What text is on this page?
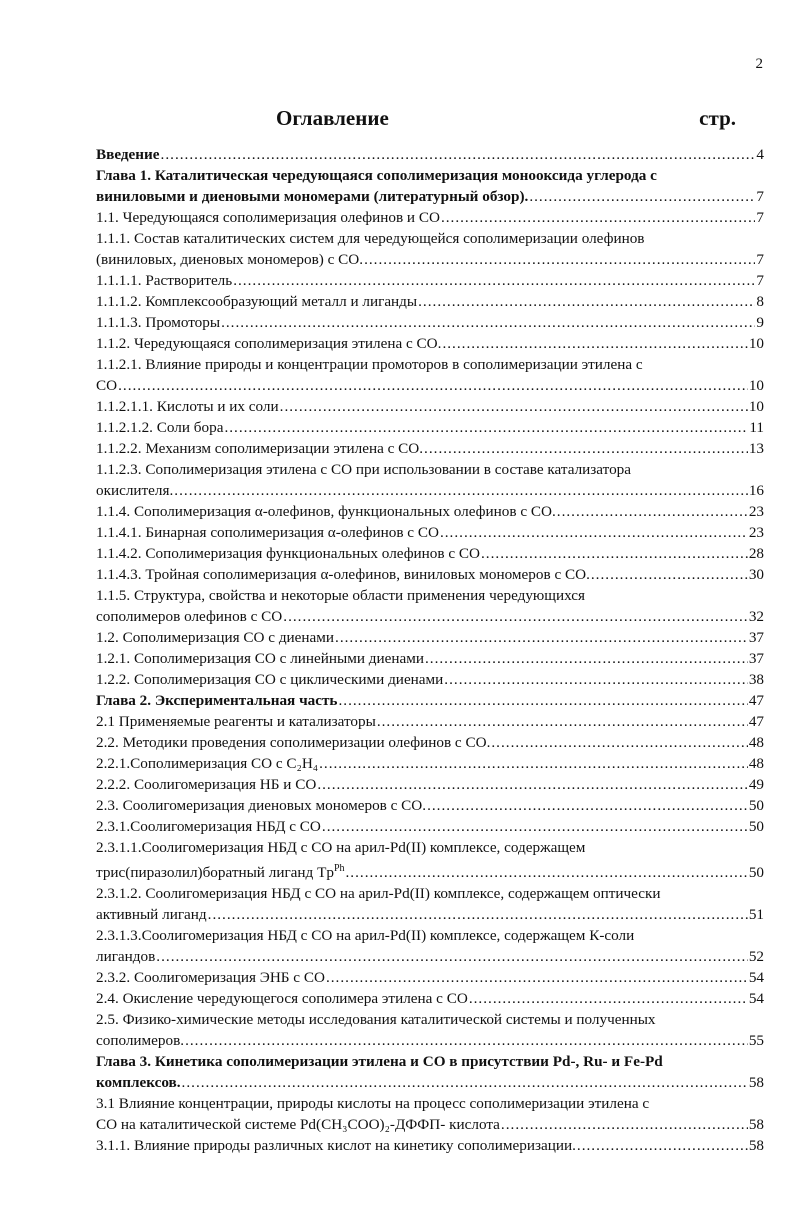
2
Оглавление	стр.
Введение .....	4
Глава 1. Каталитическая чередующаяся сополимеризация монооксида углерода с
виниловыми и диеновыми мономерами (литературный обзор). .....	7
1.1. Чередующаяся сополимеризация олефинов и СО .....	7
1.1.1. Состав каталитических систем для чередующейся сополимеризации олефинов
(виниловых, диеновых мономеров) с СО. .....	7
1.1.1.1. Растворитель .....	7
1.1.1.2. Комплексообразующий металл и лиганды .....	8
1.1.1.3. Промоторы .....	9
1.1.2. Чередующаяся сополимеризация этилена с СО. .....	10
1.1.2.1. Влияние природы и концентрации промоторов в сополимеризации этилена с
СО .....	10
1.1.2.1.1. Кислоты и их соли .....	10
1.1.2.1.2. Соли бора .....	11
1.1.2.2. Механизм сополимеризации этилена с СО. .....	13
1.1.2.3. Сополимеризация этилена с СО при использовании в составе катализатора
окислителя. .....	16
1.1.4. Сополимеризация α-олефинов, функциональных олефинов с СО. .....	23
1.1.4.1. Бинарная сополимеризация α-олефинов с СО .....	23
1.1.4.2. Сополимеризация функциональных олефинов с СО .....	28
1.1.4.3. Тройная сополимеризация α-олефинов, виниловых мономеров с СО. .....	30
1.1.5. Структура, свойства и некоторые области применения чередующихся
сополимеров олефинов с СО .....	32
1.2. Сополимеризация СО с диенами .....	37
1.2.1. Сополимеризация СО с линейными диенами .....	37
1.2.2. Сополимеризация СО с циклическими диенами .....	38
Глава 2. Экспериментальная часть .....	47
2.1 Применяемые реагенты и катализаторы .....	47
2.2. Методики проведения сополимеризации олефинов с СО. .....	48
2.2.1.Сополимеризация СО с C₂H₄ .....	48
2.2.2. Соолигомеризация НБ и СО .....	49
2.3. Соолигомеризация диеновых мономеров с СО. .....	50
2.3.1.Соолигомеризация НБД с СО .....	50
2.3.1.1.Соолигомеризация НБД с СО на арил-Pd(II) комплексе, содержащем
трис(пиразолил)боратный лиганд $Tp^{Ph}$ .....	50
2.3.1.2. Соолигомеризация НБД с СО на арил-Pd(II) комплексе, содержащем оптически
активный лиганд .....	51
2.3.1.3.Соолигомеризация НБД с СО на арил-Pd(II) комплексе, содержащем К-соли
лигандов .....	52
2.3.2. Соолигомеризация ЭНБ с СО .....	54
2.4. Окисление чередующегося сополимера этилена с СО .....	54
2.5. Физико-химические методы исследования каталитической системы и полученных
сополимеров. .....	55
Глава 3. Кинетика сополимеризации этилена и СО в присутствии Pd-, Ru- и Fe-Pd
комплексов. .....	58
3.1 Влияние концентрации, природы кислоты на процесс сополимеризации этилена с
СО на каталитической системе Pd(CH₃COO)₂-ДФФП- кислота .....	58
3.1.1. Влияние природы различных кислот на кинетику сополимеризации. .....	58
